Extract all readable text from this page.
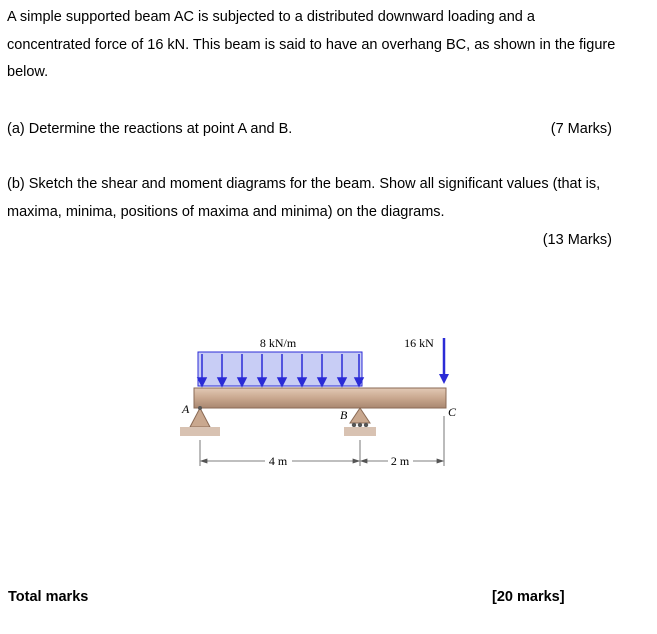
A simple supported beam AC is subjected to a distributed downward loading and a concentrated force of 16 kN. This beam is said to have an overhang BC, as shown in the figure below.

(a) Determine the reactions at point A and B.	(7 Marks)

(b) Sketch the shear and moment diagrams for the beam. Show all significant values (that is, maxima, minima, positions of maxima and minima) on the diagrams.

(13 Marks)
8 kN/m	16 kN
A	B	C
4 m	2 m
Total marks	[20 marks]
